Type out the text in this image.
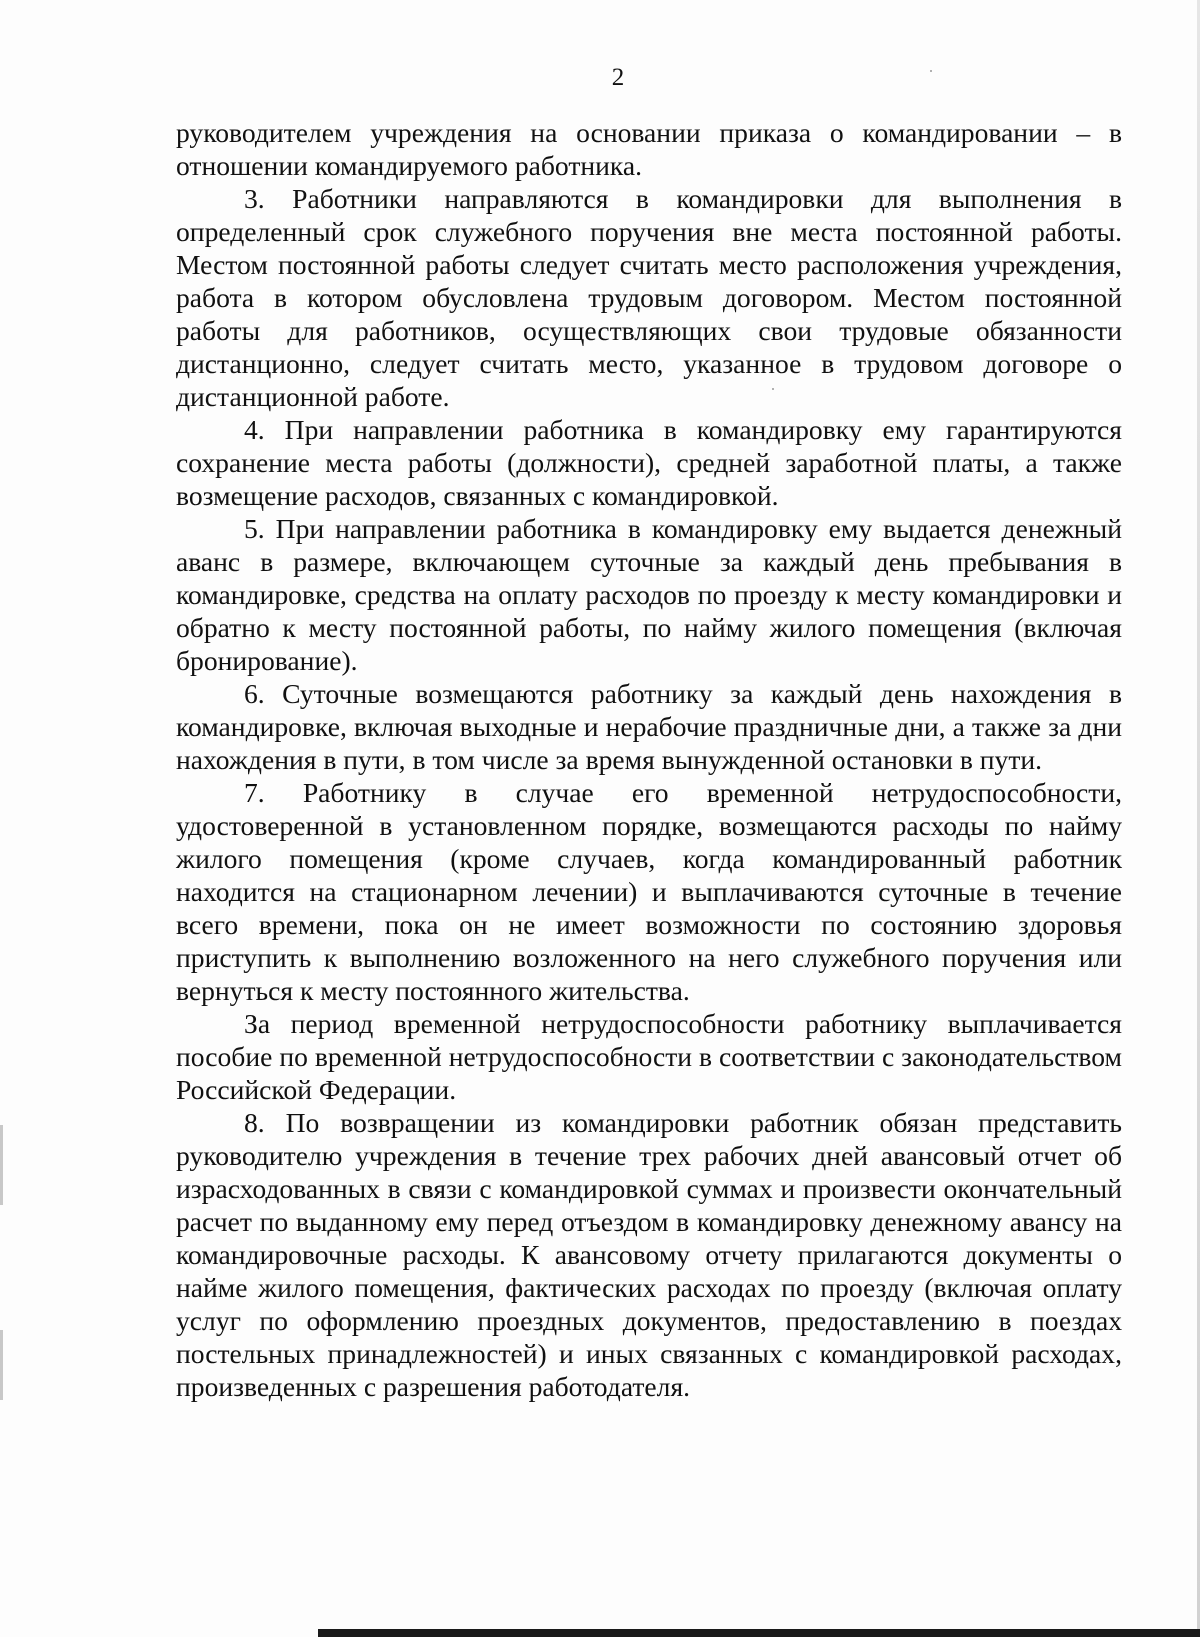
2

руководителем учреждения на основании приказа о командировании – в отношении командируемого работника.

3. Работники направляются в командировки для выполнения в определенный срок служебного поручения вне места постоянной работы. Местом постоянной работы следует считать место расположения учреждения, работа в котором обусловлена трудовым договором. Местом постоянной работы для работников, осуществляющих свои трудовые обязанности дистанционно, следует считать место, указанное в трудовом договоре о дистанционной работе.

4. При направлении работника в командировку ему гарантируются сохранение места работы (должности), средней заработной платы, а также возмещение расходов, связанных с командировкой.

5. При направлении работника в командировку ему выдается денежный аванс в размере, включающем суточные за каждый день пребывания в командировке, средства на оплату расходов по проезду к месту командировки и обратно к месту постоянной работы, по найму жилого помещения (включая бронирование).

6. Суточные возмещаются работнику за каждый день нахождения в командировке, включая выходные и нерабочие праздничные дни, а также за дни нахождения в пути, в том числе за время вынужденной остановки в пути.

7. Работнику в случае его временной нетрудоспособности, удостоверенной в установленном порядке, возмещаются расходы по найму жилого помещения (кроме случаев, когда командированный работник находится на стационарном лечении) и выплачиваются суточные в течение всего времени, пока он не имеет возможности по состоянию здоровья приступить к выполнению возложенного на него служебного поручения или вернуться к месту постоянного жительства.

За период временной нетрудоспособности работнику выплачивается пособие по временной нетрудоспособности в соответствии с законодательством Российской Федерации.

8. По возвращении из командировки работник обязан представить руководителю учреждения в течение трех рабочих дней авансовый отчет об израсходованных в связи с командировкой суммах и произвести окончательный расчет по выданному ему перед отъездом в командировку денежному авансу на командировочные расходы. К авансовому отчету прилагаются документы о найме жилого помещения, фактических расходах по проезду (включая оплату услуг по оформлению проездных документов, предоставлению в поездах постельных принадлежностей) и иных связанных с командировкой расходах, произведенных с разрешения работодателя.
